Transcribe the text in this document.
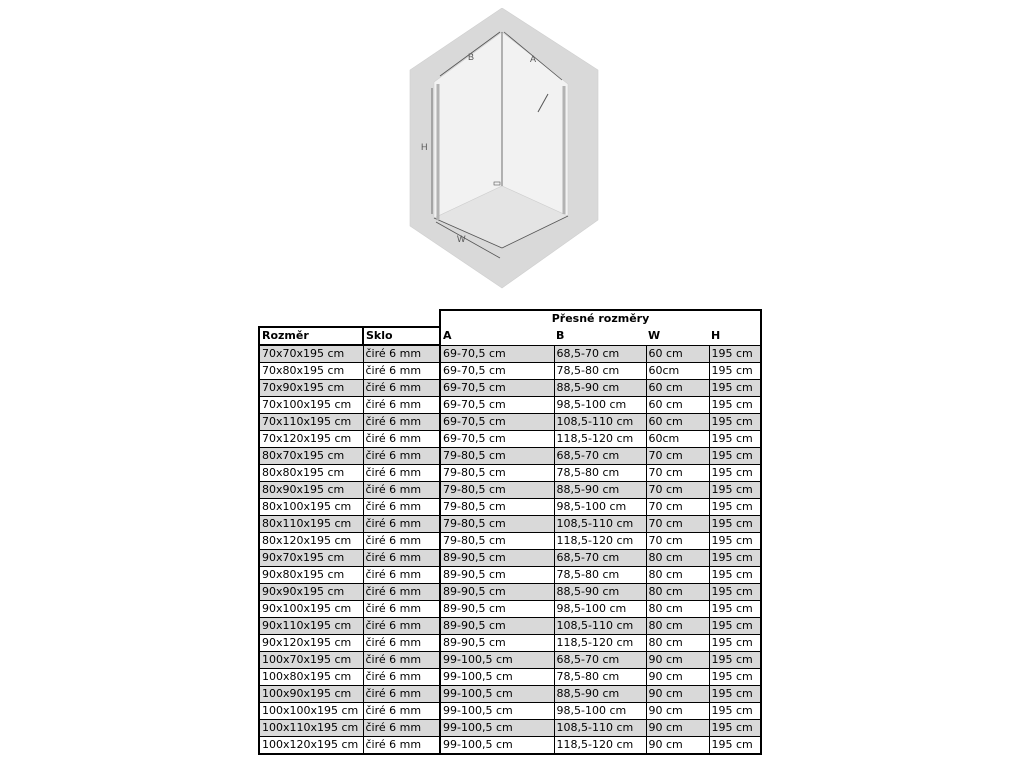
B	A
H
W
		Přesné rozměry			
Rozměr	Sklo	A	B	W	H
70x70x195 cm	čiré 6 mm	69-70,5 cm	68,5-70 cm	60 cm	195 cm
70x80x195 cm	čiré 6 mm	69-70,5 cm	78,5-80 cm	60cm	195 cm
70x90x195 cm	čiré 6 mm	69-70,5 cm	88,5-90 cm	60 cm	195 cm
70x100x195 cm	čiré 6 mm	69-70,5 cm	98,5-100 cm	60 cm	195 cm
70x110x195 cm	čiré 6 mm	69-70,5 cm	108,5-110 cm	60 cm	195 cm
70x120x195 cm	čiré 6 mm	69-70,5 cm	118,5-120 cm	60cm	195 cm
80x70x195 cm	čiré 6 mm	79-80,5 cm	68,5-70 cm	70 cm	195 cm
80x80x195 cm	čiré 6 mm	79-80,5 cm	78,5-80 cm	70 cm	195 cm
80x90x195 cm	čiré 6 mm	79-80,5 cm	88,5-90 cm	70 cm	195 cm
80x100x195 cm	čiré 6 mm	79-80,5 cm	98,5-100 cm	70 cm	195 cm
80x110x195 cm	čiré 6 mm	79-80,5 cm	108,5-110 cm	70 cm	195 cm
80x120x195 cm	čiré 6 mm	79-80,5 cm	118,5-120 cm	70 cm	195 cm
90x70x195 cm	čiré 6 mm	89-90,5 cm	68,5-70 cm	80 cm	195 cm
90x80x195 cm	čiré 6 mm	89-90,5 cm	78,5-80 cm	80 cm	195 cm
90x90x195 cm	čiré 6 mm	89-90,5 cm	88,5-90 cm	80 cm	195 cm
90x100x195 cm	čiré 6 mm	89-90,5 cm	98,5-100 cm	80 cm	195 cm
90x110x195 cm	čiré 6 mm	89-90,5 cm	108,5-110 cm	80 cm	195 cm
90x120x195 cm	čiré 6 mm	89-90,5 cm	118,5-120 cm	80 cm	195 cm
100x70x195 cm	čiré 6 mm	99-100,5 cm	68,5-70 cm	90 cm	195 cm
100x80x195 cm	čiré 6 mm	99-100,5 cm	78,5-80 cm	90 cm	195 cm
100x90x195 cm	čiré 6 mm	99-100,5 cm	88,5-90 cm	90 cm	195 cm
100x100x195 cm	čiré 6 mm	99-100,5 cm	98,5-100 cm	90 cm	195 cm
100x110x195 cm	čiré 6 mm	99-100,5 cm	108,5-110 cm	90 cm	195 cm
100x120x195 cm	čiré 6 mm	99-100,5 cm	118,5-120 cm	90 cm	195 cm
